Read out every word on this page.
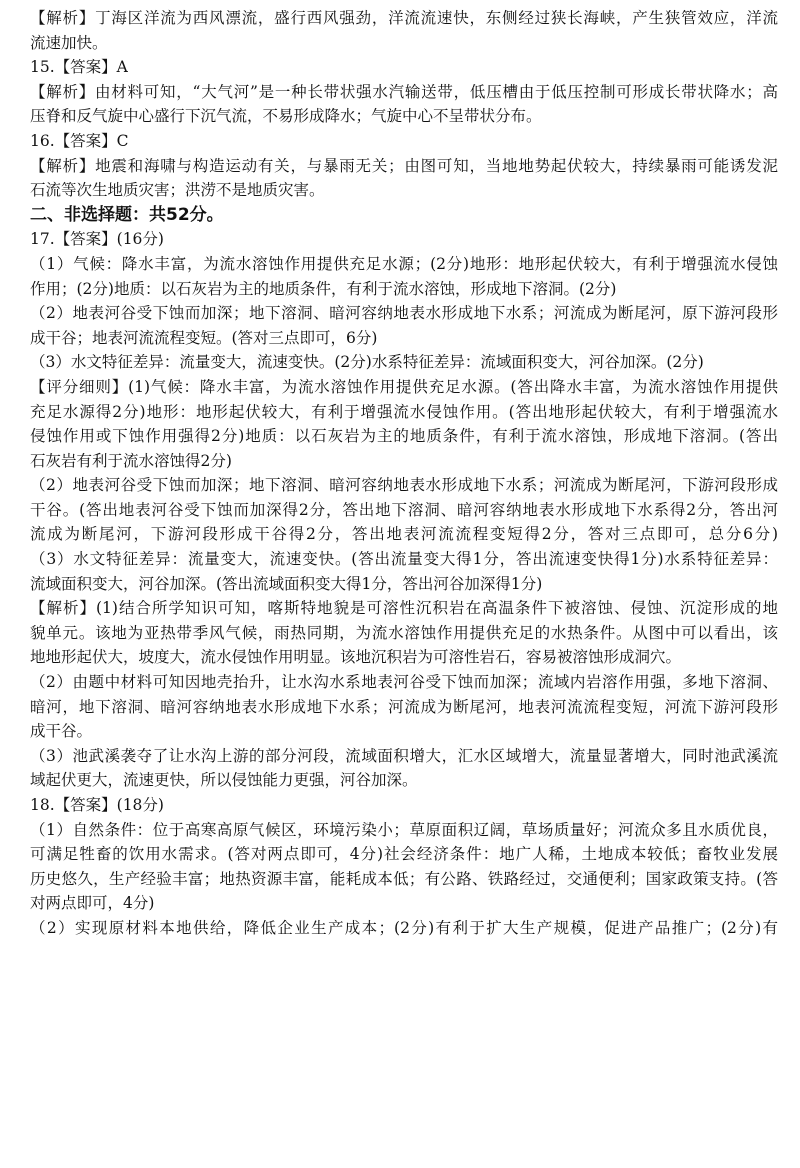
【解析】丁海区洋流为西风漂流，盛行西风强劲，洋流流速快，东侧经过狭长海峡，产生狭管效应，洋流
流速加快。
15.【答案】A
【解析】由材料可知，“大气河”是一种长带状强水汽输送带，低压槽由于低压控制可形成长带状降水；高
压脊和反气旋中心盛行下沉气流，不易形成降水；气旋中心不呈带状分布。
16.【答案】C
【解析】地震和海啸与构造运动有关，与暴雨无关；由图可知，当地地势起伏较大，持续暴雨可能诱发泥
石流等次生地质灾害；洪涝不是地质灾害。
二、非选择题：共52分。
17.【答案】(16分)
（1）气候：降水丰富，为流水溶蚀作用提供充足水源；(2分)地形：地形起伏较大，有利于增强流水侵蚀
作用；(2分)地质：以石灰岩为主的地质条件，有利于流水溶蚀，形成地下溶洞。(2分)
（2）地表河谷受下蚀而加深；地下溶洞、暗河容纳地表水形成地下水系；河流成为断尾河，原下游河段形
成干谷；地表河流流程变短。(答对三点即可，6分)
（3）水文特征差异：流量变大，流速变快。(2分)水系特征差异：流域面积变大，河谷加深。(2分)
【评分细则】(1)气候：降水丰富，为流水溶蚀作用提供充足水源。(答出降水丰富，为流水溶蚀作用提供
充足水源得2分)地形：地形起伏较大，有利于增强流水侵蚀作用。(答出地形起伏较大，有利于增强流水
侵蚀作用或下蚀作用强得2分)地质：以石灰岩为主的地质条件，有利于流水溶蚀，形成地下溶洞。(答出
石灰岩有利于流水溶蚀得2分)
（2）地表河谷受下蚀而加深；地下溶洞、暗河容纳地表水形成地下水系；河流成为断尾河，下游河段形成
干谷。(答出地表河谷受下蚀而加深得2分，答出地下溶洞、暗河容纳地表水形成地下水系得2分，答出河
流成为断尾河，下游河段形成干谷得2分，答出地表河流流程变短得2分，答对三点即可，总分6分)
（3）水文特征差异：流量变大，流速变快。(答出流量变大得1分，答出流速变快得1分)水系特征差异：
流域面积变大，河谷加深。(答出流域面积变大得1分，答出河谷加深得1分)
【解析】(1)结合所学知识可知，喀斯特地貌是可溶性沉积岩在高温条件下被溶蚀、侵蚀、沉淀形成的地
貌单元。该地为亚热带季风气候，雨热同期，为流水溶蚀作用提供充足的水热条件。从图中可以看出，该
地地形起伏大，坡度大，流水侵蚀作用明显。该地沉积岩为可溶性岩石，容易被溶蚀形成洞穴。
（2）由题中材料可知因地壳抬升，让水沟水系地表河谷受下蚀而加深；流域内岩溶作用强，多地下溶洞、
暗河，地下溶洞、暗河容纳地表水形成地下水系；河流成为断尾河，地表河流流程变短，河流下游河段形
成干谷。
（3）池武溪袭夺了让水沟上游的部分河段，流域面积增大，汇水区域增大，流量显著增大，同时池武溪流
域起伏更大，流速更快，所以侵蚀能力更强，河谷加深。
18.【答案】(18分)
（1）自然条件：位于高寒高原气候区，环境污染小；草原面积辽阔，草场质量好；河流众多且水质优良，
可满足牲畜的饮用水需求。(答对两点即可，4分)社会经济条件：地广人稀，土地成本较低；畜牧业发展
历史悠久，生产经验丰富；地热资源丰富，能耗成本低；有公路、铁路经过，交通便利；国家政策支持。(答
对两点即可，4分)
（2）实现原材料本地供给，降低企业生产成本；(2分)有利于扩大生产规模，促进产品推广；(2分)有
